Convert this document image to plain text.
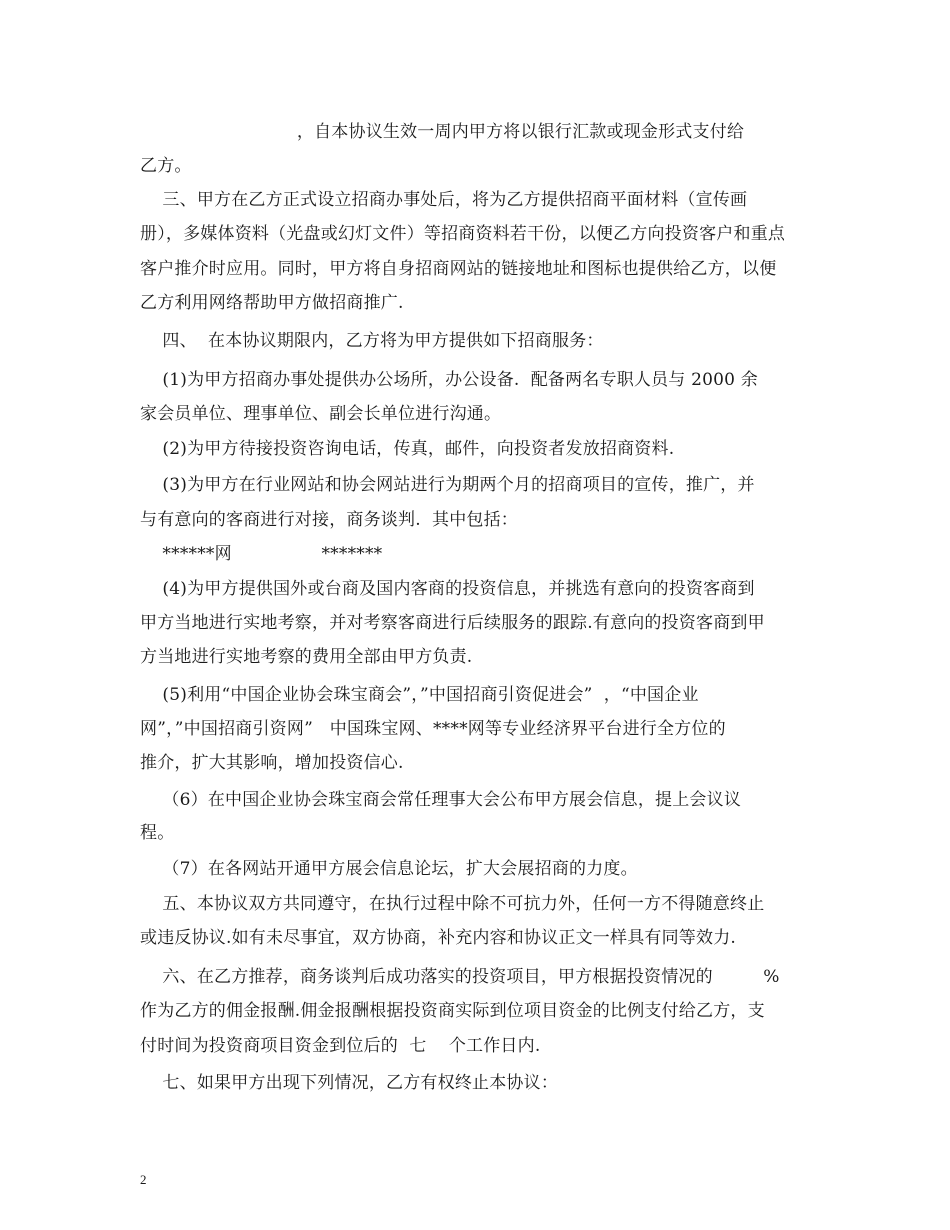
，自本协议生效一周内甲方将以银行汇款或现金形式支付给
乙方。
三、甲方在乙方正式设立招商办事处后，将为乙方提供招商平面材料（宣传画
册），多媒体资料（光盘或幻灯文件）等招商资料若干份，以便乙方向投资客户和重点
客户推介时应用。同时，甲方将自身招商网站的链接地址和图标也提供给乙方，以便
乙方利用网络帮助甲方做招商推广.
四、  在本协议期限内，乙方将为甲方提供如下招商服务：
(1)为甲方招商办事处提供办公场所，办公设备.  配备两名专职人员与 2000 余
家会员单位、理事单位、副会长单位进行沟通。
(2)为甲方待接投资咨询电话，传真，邮件，向投资者发放招商资料.
(3)为甲方在行业网站和协会网站进行为期两个月的招商项目的宣传，推广，并
与有意向的客商进行对接，商务谈判.  其中包括：
******网                *******
(4)为甲方提供国外或台商及国内客商的投资信息，并挑选有意向的投资客商到
甲方当地进行实地考察，并对考察客商进行后续服务的跟踪.有意向的投资客商到甲
方当地进行实地考察的费用全部由甲方负责.
(5)利用“中国企业协会珠宝商会”，”中国招商引资促进会”  ，“中国企业
网”，”中国招商引资网”   中国珠宝网、****网等专业经济界平台进行全方位的
推介，扩大其影响，增加投资信心.
（6）在中国企业协会珠宝商会常任理事大会公布甲方展会信息，提上会议议
程。
（7）在各网站开通甲方展会信息论坛，扩大会展招商的力度。
五、本协议双方共同遵守，在执行过程中除不可抗力外，任何一方不得随意终止
或违反协议.如有未尽事宜，双方协商，补充内容和协议正文一样具有同等效力.
六、在乙方推荐，商务谈判后成功落实的投资项目，甲方根据投资情况的         %
作为乙方的佣金报酬.佣金报酬根据投资商实际到位项目资金的比例支付给乙方，支
付时间为投资商项目资金到位后的  七    个工作日内.
七、如果甲方出现下列情况，乙方有权终止本协议：
2
